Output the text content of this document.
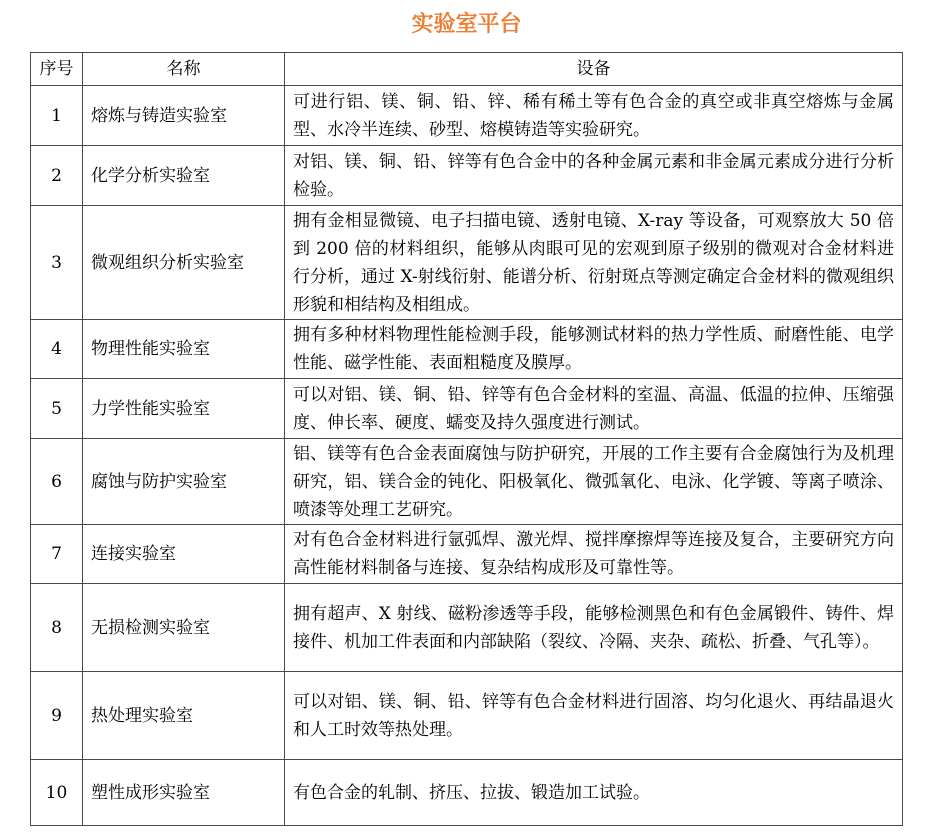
实验室平台
序号	名称	设备
1	熔炼与铸造实验室	可进行铝、镁、铜、铅、锌、稀有稀土等有色合金的真空或非真空熔炼与金属型、水冷半连续、砂型、熔模铸造等实验研究。
2	化学分析实验室	对铝、镁、铜、铅、锌等有色合金中的各种金属元素和非金属元素成分进行分析检验。
3	微观组织分析实验室	拥有金相显微镜、电子扫描电镜、透射电镜、X-ray 等设备，可观察放大 50 倍到 200 倍的材料组织，能够从肉眼可见的宏观到原子级别的微观对合金材料进行分析，通过 X-射线衍射、能谱分析、衍射斑点等测定确定合金材料的微观组织形貌和相结构及相组成。
4	物理性能实验室	拥有多种材料物理性能检测手段，能够测试材料的热力学性质、耐磨性能、电学性能、磁学性能、表面粗糙度及膜厚。
5	力学性能实验室	可以对铝、镁、铜、铅、锌等有色合金材料的室温、高温、低温的拉伸、压缩强度、伸长率、硬度、蠕变及持久强度进行测试。
6	腐蚀与防护实验室	铝、镁等有色合金表面腐蚀与防护研究，开展的工作主要有合金腐蚀行为及机理研究，铝、镁合金的钝化、阳极氧化、微弧氧化、电泳、化学镀、等离子喷涂、喷漆等处理工艺研究。
7	连接实验室	对有色合金材料进行氩弧焊、激光焊、搅拌摩擦焊等连接及复合，主要研究方向高性能材料制备与连接、复杂结构成形及可靠性等。
8	无损检测实验室	拥有超声、X 射线、磁粉渗透等手段，能够检测黑色和有色金属锻件、铸件、焊接件、机加工件表面和内部缺陷（裂纹、冷隔、夹杂、疏松、折叠、气孔等）。
9	热处理实验室	可以对铝、镁、铜、铅、锌等有色合金材料进行固溶、均匀化退火、再结晶退火和人工时效等热处理。
10	塑性成形实验室	有色合金的轧制、挤压、拉拔、锻造加工试验。
